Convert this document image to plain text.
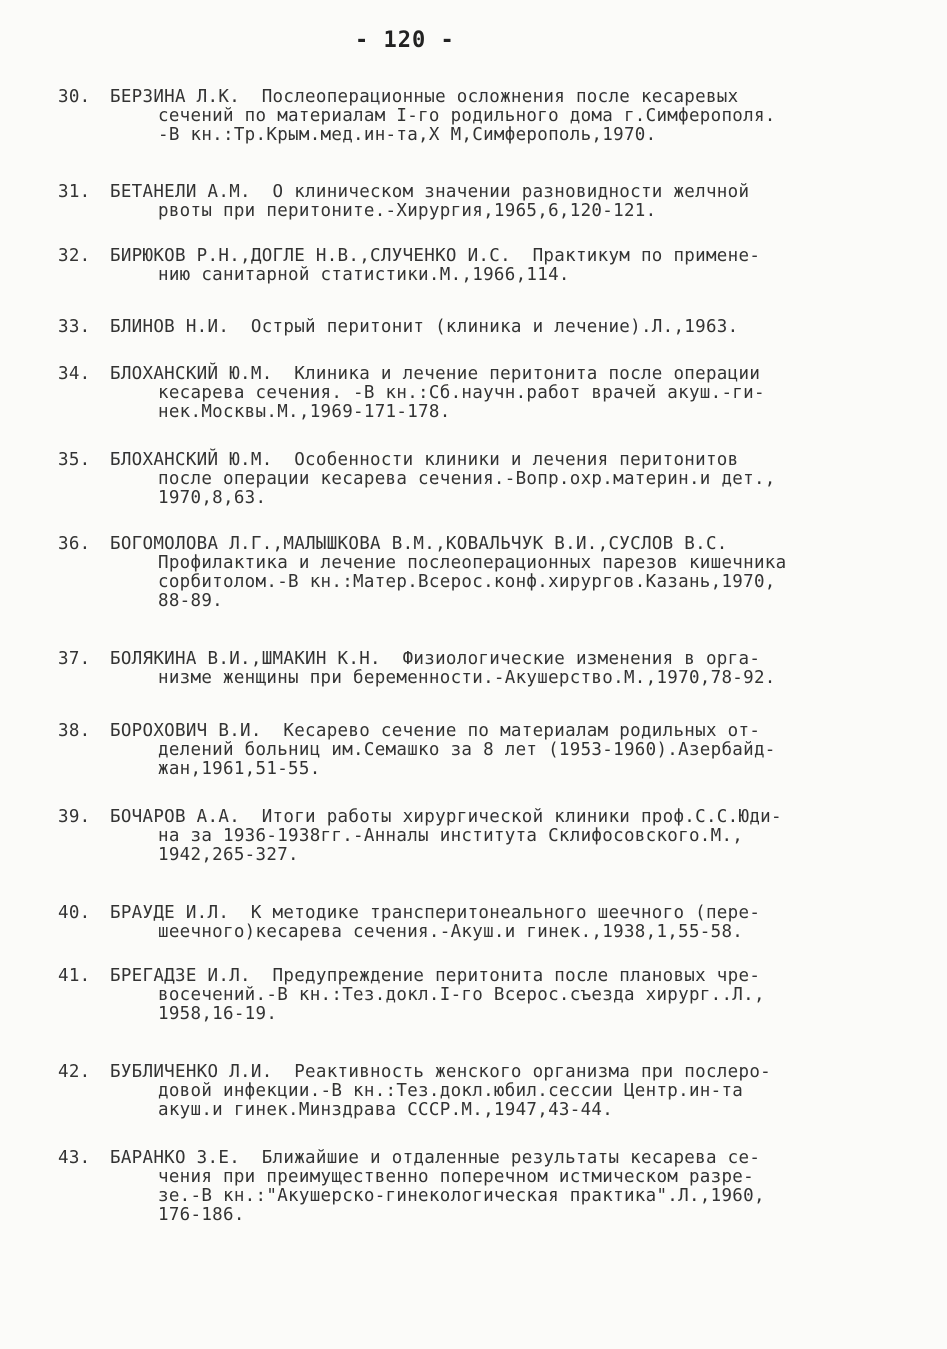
- 120 -
30.	БЕРЗИНА Л.К.  Послеоперационные осложнения после кесаревых
сечений по материалам I-го родильного дома г.Симферополя.
-В кн.:Тр.Крым.мед.ин-та,Х М,Симферополь,1970.
31.	БЕТАНЕЛИ А.М.  О клиническом значении разновидности желчной
рвоты при перитоните.-Хирургия,1965,6,120-121.
32.	БИРЮКОВ Р.Н.,ДОГЛЕ Н.В.,СЛУЧЕНКО И.С.  Практикум по примене-
нию санитарной статистики.М.,1966,114.
33.	БЛИНОВ Н.И.  Острый перитонит (клиника и лечение).Л.,1963.
34.	БЛОХАНСКИЙ Ю.М.  Клиника и лечение перитонита после операции
кесарева сечения. -В кн.:Сб.научн.работ врачей акуш.-ги-
нек.Москвы.М.,1969-171-178.
35.	БЛОХАНСКИЙ Ю.М.  Особенности клиники и лечения перитонитов
после операции кесарева сечения.-Вопр.охр.материн.и дет.,
1970,8,63.
36.	БОГОМОЛОВА Л.Г.,МАЛЫШКОВА В.М.,КОВАЛЬЧУК В.И.,СУСЛОВ В.С.
Профилактика и лечение послеоперационных парезов кишечника
сорбитолом.-В кн.:Матер.Всерос.конф.хирургов.Казань,1970,
88-89.
37.	БОЛЯКИНА В.И.,ШМАКИН К.Н.  Физиологические изменения в орга-
низме женщины при беременности.-Акушерство.М.,1970,78-92.
38.	БОРОХОВИЧ В.И.  Кесарево сечение по материалам родильных от-
делений больниц им.Семашко за 8 лет (1953-1960).Азербайд-
жан,1961,51-55.
39.	БОЧАРОВ А.А.  Итоги работы хирургической клиники проф.С.С.Юди-
на за 1936-1938гг.-Анналы института Склифосовского.М.,
1942,265-327.
40.	БРАУДЕ И.Л.  К методике трансперитонеального шеечного (пере-
шеечного)кесарева сечения.-Акуш.и гинек.,1938,1,55-58.
41.	БРЕГАДЗЕ И.Л.  Предупреждение перитонита после плановых чре-
восечений.-В кн.:Тез.докл.I-го Всерос.съезда хирург..Л.,
1958,16-19.
42.	БУБЛИЧЕНКО Л.И.  Реактивность женского организма при послеро-
довой инфекции.-В кн.:Тез.докл.юбил.сессии Центр.ин-та
акуш.и гинек.Минздрава СССР.М.,1947,43-44.
43.	БАРАНКО З.Е.  Ближайшие и отдаленные результаты кесарева се-
чения при преимущественно поперечном истмическом разре-
зе.-В кн.:"Акушерско-гинекологическая практика".Л.,1960,
176-186.
